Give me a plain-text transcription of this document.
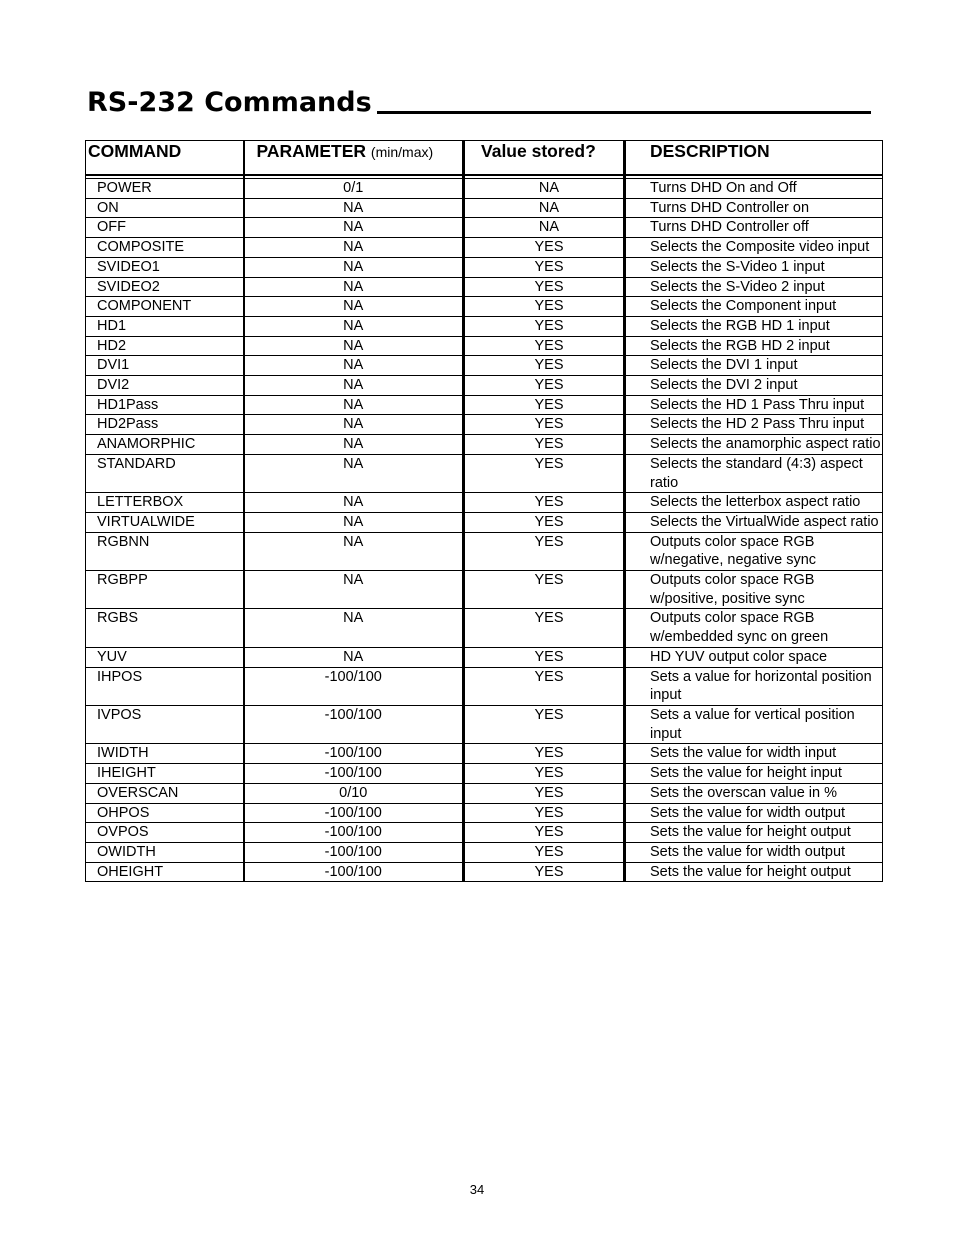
RS-232 Commands
COMMAND	PARAMETER (min/max)	Value stored?	DESCRIPTION

POWER	0/1	NA	Turns DHD On and Off
ON	NA	NA	Turns DHD Controller on
OFF	NA	NA	Turns DHD Controller off
COMPOSITE	NA	YES	Selects the Composite video input
SVIDEO1	NA	YES	Selects the S-Video 1 input
SVIDEO2	NA	YES	Selects the S-Video 2 input
COMPONENT	NA	YES	Selects the Component input
HD1	NA	YES	Selects the RGB HD 1 input
HD2	NA	YES	Selects the RGB HD 2 input
DVI1	NA	YES	Selects the DVI 1 input
DVI2	NA	YES	Selects the DVI 2 input
HD1Pass	NA	YES	Selects the HD 1 Pass Thru input
HD2Pass	NA	YES	Selects the HD 2 Pass Thru input
ANAMORPHIC	NA	YES	Selects the anamorphic aspect ratio
STANDARD	NA	YES	Selects the standard (4:3) aspect ratio
LETTERBOX	NA	YES	Selects the letterbox aspect ratio
VIRTUALWIDE	NA	YES	Selects the VirtualWide aspect ratio
RGBNN	NA	YES	Outputs color space RGB w/negative, negative sync
RGBPP	NA	YES	Outputs color space RGB w/positive, positive sync
RGBS	NA	YES	Outputs color space RGB w/embedded sync on green
YUV	NA	YES	HD YUV output color space
IHPOS	-100/100	YES	Sets a value for horizontal position input
IVPOS	-100/100	YES	Sets a value for vertical position input
IWIDTH	-100/100	YES	Sets the value for width input
IHEIGHT	-100/100	YES	Sets the value for height input
OVERSCAN	0/10	YES	Sets the overscan value in %
OHPOS	-100/100	YES	Sets the value for width output
OVPOS	-100/100	YES	Sets the value for height output
OWIDTH	-100/100	YES	Sets the value for width output
OHEIGHT	-100/100	YES	Sets the value for height output
34
